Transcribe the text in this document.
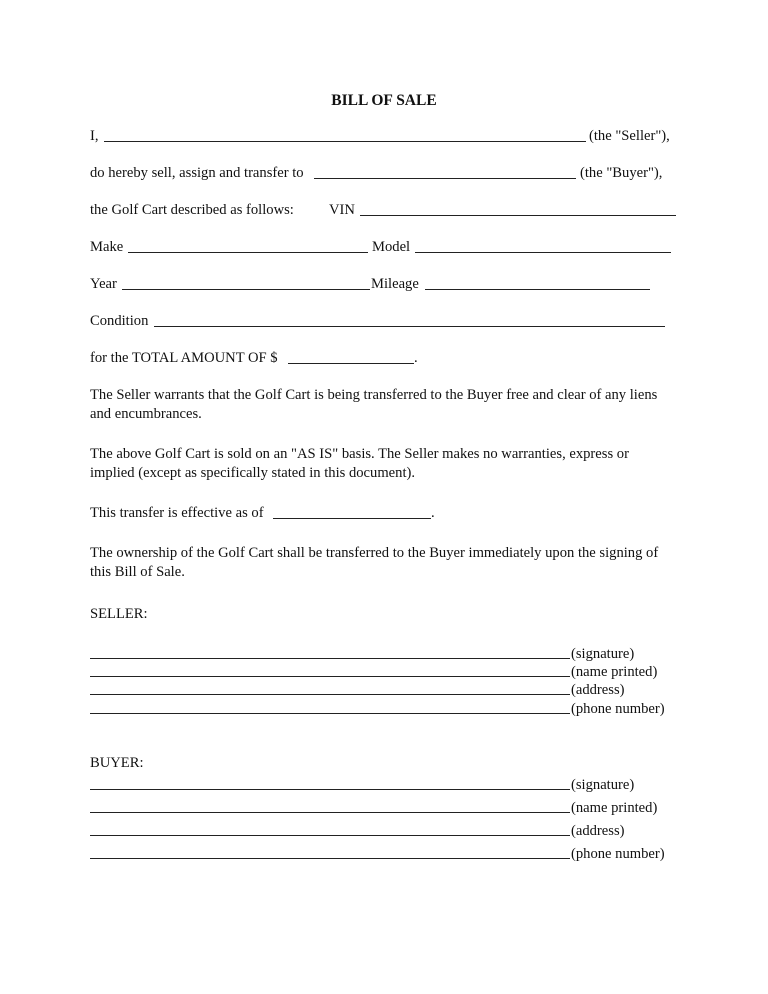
BILL OF SALE
I,	(the "Seller"),
do hereby sell, assign and transfer to	(the "Buyer"),
the Golf Cart described as follows: VIN
Make	Model
Year	Mileage
Condition
for the TOTAL AMOUNT OF $	.
The Seller warrants that the Golf Cart is being transferred to the Buyer free and clear of any liens and encumbrances.
The above Golf Cart is sold on an "AS IS" basis. The Seller makes no warranties, express or implied (except as specifically stated in this document).
This transfer is effective as of	.
The ownership of the Golf Cart shall be transferred to the Buyer immediately upon the signing of this Bill of Sale.
SELLER:
(signature)
(name printed)
(address)
(phone number)
BUYER:
(signature)
(name printed)
(address)
(phone number)
